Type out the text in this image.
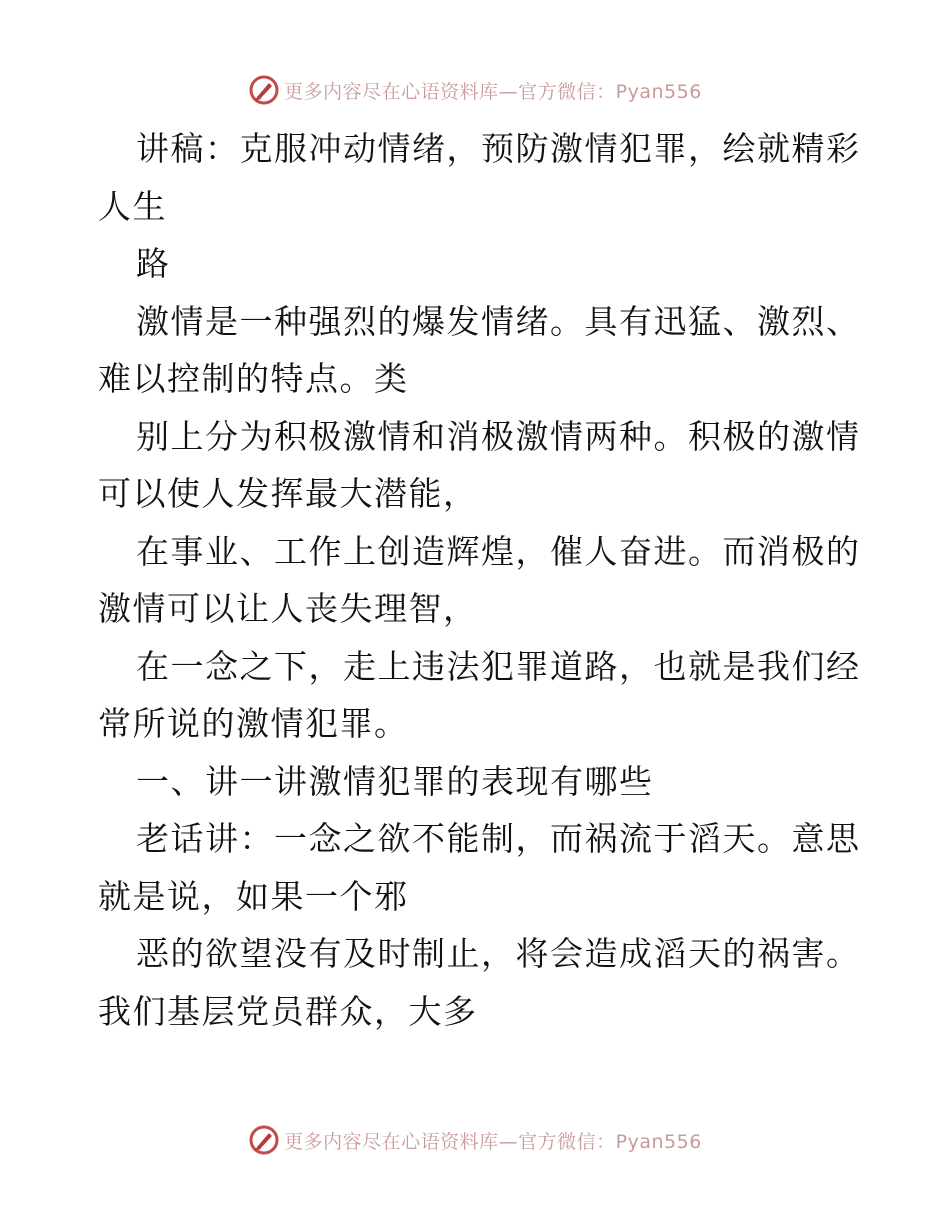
更多内容尽在心语资料库—官方微信：Pyan556
讲稿：克服冲动情绪，预防激情犯罪，绘就精彩
人生
路
激情是一种强烈的爆发情绪。具有迅猛、激烈、
难以控制的特点。类
别上分为积极激情和消极激情两种。积极的激情
可以使人发挥最大潜能，
在事业、工作上创造辉煌，催人奋进。而消极的
激情可以让人丧失理智，
在一念之下，走上违法犯罪道路，也就是我们经
常所说的激情犯罪。
一、讲一讲激情犯罪的表现有哪些
老话讲：一念之欲不能制，而祸流于滔天。意思
就是说，如果一个邪
恶的欲望没有及时制止，将会造成滔天的祸害。
我们基层党员群众，大多
更多内容尽在心语资料库—官方微信：Pyan556
